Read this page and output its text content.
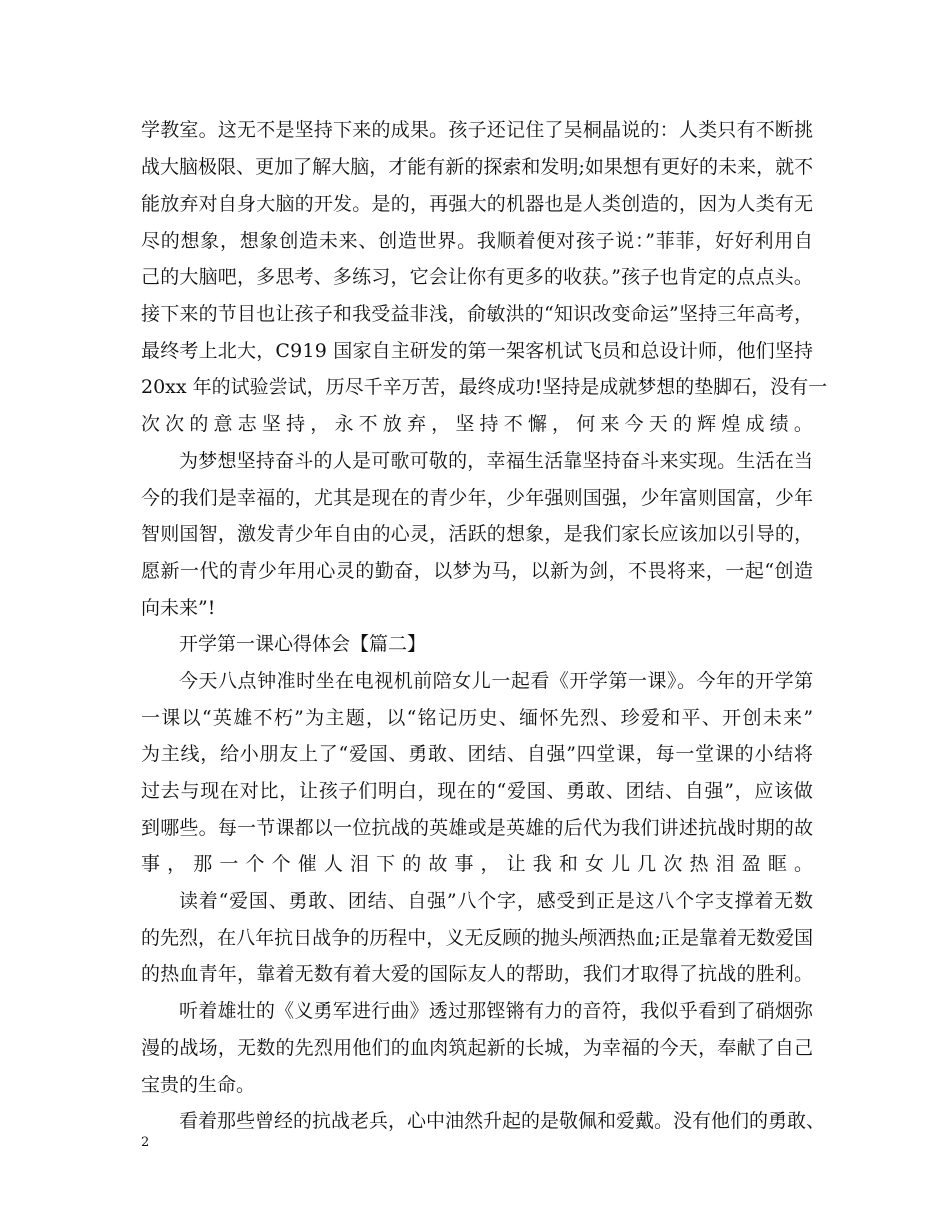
学教室。这无不是坚持下来的成果。孩子还记住了吴桐晶说的：人类只有不断挑
战大脑极限、更加了解大脑，才能有新的探索和发明;如果想有更好的未来，就不
能放弃对自身大脑的开发。是的，再强大的机器也是人类创造的，因为人类有无
尽的想象，想象创造未来、创造世界。我顺着便对孩子说：”菲菲，好好利用自
己的大脑吧，多思考、多练习，它会让你有更多的收获。”孩子也肯定的点点头。
接下来的节目也让孩子和我受益非浅，俞敏洪的“知识改变命运”坚持三年高考，
最终考上北大，C919 国家自主研发的第一架客机试飞员和总设计师，他们坚持
20xx 年的试验尝试，历尽千辛万苦，最终成功!坚持是成就梦想的垫脚石，没有一
次次的意志坚持，永不放弃，坚持不懈，何来今天的辉煌成绩。
为梦想坚持奋斗的人是可歌可敬的，幸福生活靠坚持奋斗来实现。生活在当
今的我们是幸福的，尤其是现在的青少年，少年强则国强，少年富则国富，少年
智则国智，激发青少年自由的心灵，活跃的想象，是我们家长应该加以引导的，
愿新一代的青少年用心灵的勤奋，以梦为马，以新为剑，不畏将来，一起“创造
向未来”!
开学第一课心得体会【篇二】
今天八点钟准时坐在电视机前陪女儿一起看《开学第一课》。今年的开学第
一课以“英雄不朽”为主题，以“铭记历史、缅怀先烈、珍爱和平、开创未来”
为主线，给小朋友上了“爱国、勇敢、团结、自强”四堂课，每一堂课的小结将
过去与现在对比，让孩子们明白，现在的“爱国、勇敢、团结、自强”，应该做
到哪些。每一节课都以一位抗战的英雄或是英雄的后代为我们讲述抗战时期的故
事，那一个个催人泪下的故事，让我和女儿几次热泪盈眶。
读着“爱国、勇敢、团结、自强”八个字，感受到正是这八个字支撑着无数
的先烈，在八年抗日战争的历程中，义无反顾的抛头颅洒热血;正是靠着无数爱国
的热血青年，靠着无数有着大爱的国际友人的帮助，我们才取得了抗战的胜利。
听着雄壮的《义勇军进行曲》透过那铿锵有力的音符，我似乎看到了硝烟弥
漫的战场，无数的先烈用他们的血肉筑起新的长城，为幸福的今天，奉献了自己
宝贵的生命。
看着那些曾经的抗战老兵，心中油然升起的是敬佩和爱戴。没有他们的勇敢、
2
